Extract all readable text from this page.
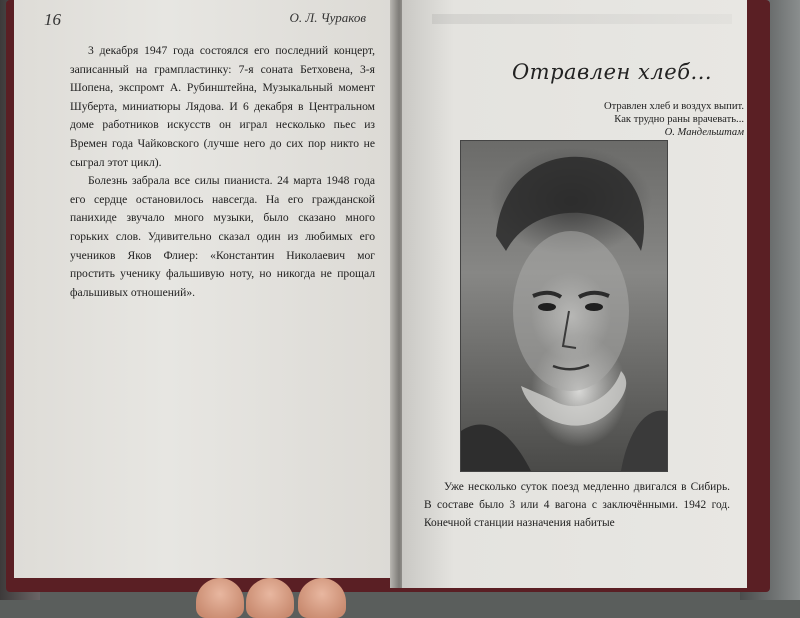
16	О. Л. Чураков

3 декабря 1947 года состоялся его последний концерт, записанный на грампластинку: 7-я соната Бетховена, 3-я Шопена, экспромт А. Рубинштейна, Музыкальный момент Шуберта, миниатюры Лядова. И 6 декабря в Центральном доме работников искусств он играл несколько пьес из Времен года Чайковского (лучше него до сих пор никто не сыграл этот цикл).

Болезнь забрала все силы пианиста. 24 марта 1948 года его сердце остановилось навсегда. На его гражданской панихиде звучало много музыки, было сказано много горьких слов. Удивительно сказал один из любимых его учеников Яков Флиер: «Константин Николаевич мог простить ученику фальшивую ноту, но никогда не прощал фальшивых отношений».

Отравлен хлеб...
Отравлен хлеб и воздух выпит.
Как трудно раны врачевать...
О. Мандельштам

Уже несколько суток поезд медленно двигался в Сибирь. В составе было 3 или 4 вагона с заключёнными. 1942 год. Конечной станции назначения набитые
